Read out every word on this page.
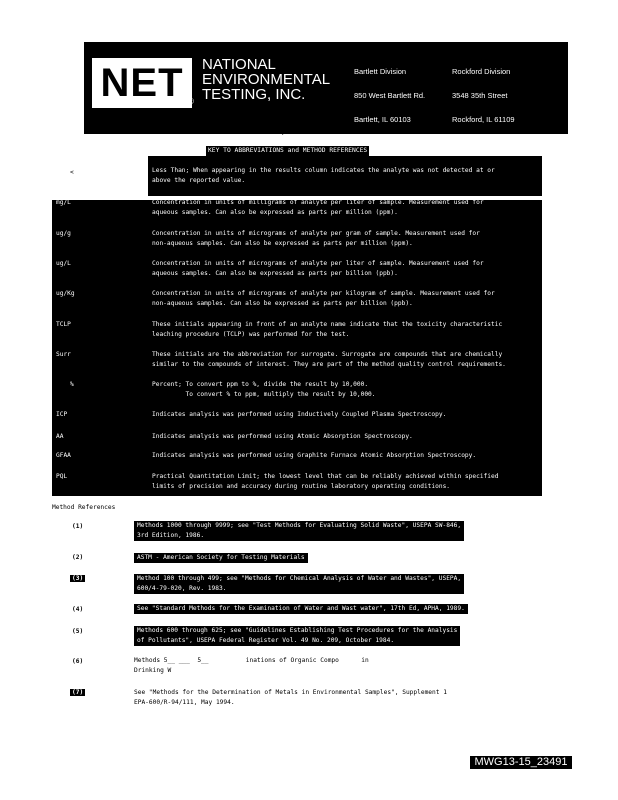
NET ®
NATIONAL
ENVIRONMENTAL
TESTING, INC.

Bartlett Division

850 West Bartlett Rd.

Bartlett, IL 60103

Rockford Division

3548 35th Street

Rockford, IL 61109

NET Midwest, Bartlett Division
KEY TO ABBREVIATIONS and METHOD REFERENCES
<	Less Than; When appearing in the results column indicates the analyte was not detected at or
above the reported value.
mg/L	Concentration in units of milligrams of analyte per liter of sample. Measurement used for
aqueous samples. Can also be expressed as parts per million (ppm).
ug/g	Concentration in units of micrograms of analyte per gram of sample. Measurement used for
non-aqueous samples. Can also be expressed as parts per million (ppm).
ug/L	Concentration in units of micrograms of analyte per liter of sample. Measurement used for
aqueous samples. Can also be expressed as parts per billion (ppb).
ug/Kg	Concentration in units of micrograms of analyte per kilogram of sample. Measurement used for
non-aqueous samples. Can also be expressed as parts per billion (ppb).
TCLP	These initials appearing in front of an analyte name indicate that the toxicity characteristic
leaching procedure (TCLP) was performed for the test.
Surr	These initials are the abbreviation for surrogate. Surrogate are compounds that are chemically
similar to the compounds of interest. They are part of the method quality control requirements.
%	Percent; To convert ppm to %, divide the result by 10,000.
To convert % to ppm, multiply the result by 10,000.
ICP	Indicates analysis was performed using Inductively Coupled Plasma Spectroscopy.
AA	Indicates analysis was performed using Atomic Absorption Spectroscopy.
GFAA	Indicates analysis was performed using Graphite Furnace Atomic Absorption Spectroscopy.
PQL	Practical Quantitation Limit; the lowest level that can be reliably achieved within specified
limits of precision and accuracy during routine laboratory operating conditions.
Method References
(1)	Methods 1000 through 9999; see "Test Methods for Evaluating Solid Waste", USEPA SW-846,
3rd Edition, 1986.
(2)	ASTM - American Society for Testing Materials
(3)	Method 100 through 499; see "Methods for Chemical Analysis of Water and Wastes", USEPA,
600/4-79-020, Rev. 1983.
(4)	See "Standard Methods for the Examination of Water and Wast water", 17th Ed, APHA, 1989.
(5)	Methods 600 through 625; see "Guidelines Establishing Test Procedures for the Analysis
of Pollutants", USEPA Federal Register Vol. 49 No. 209, October 1984.
(6)	Methods 5__ ___  5__          inations of Organic Compo      in
Drinking W
(7)	See "Methods for the Determination of Metals in Environmental Samples", Supplement 1
EPA-600/R-94/111, May 1994.
MWG13-15_23491
